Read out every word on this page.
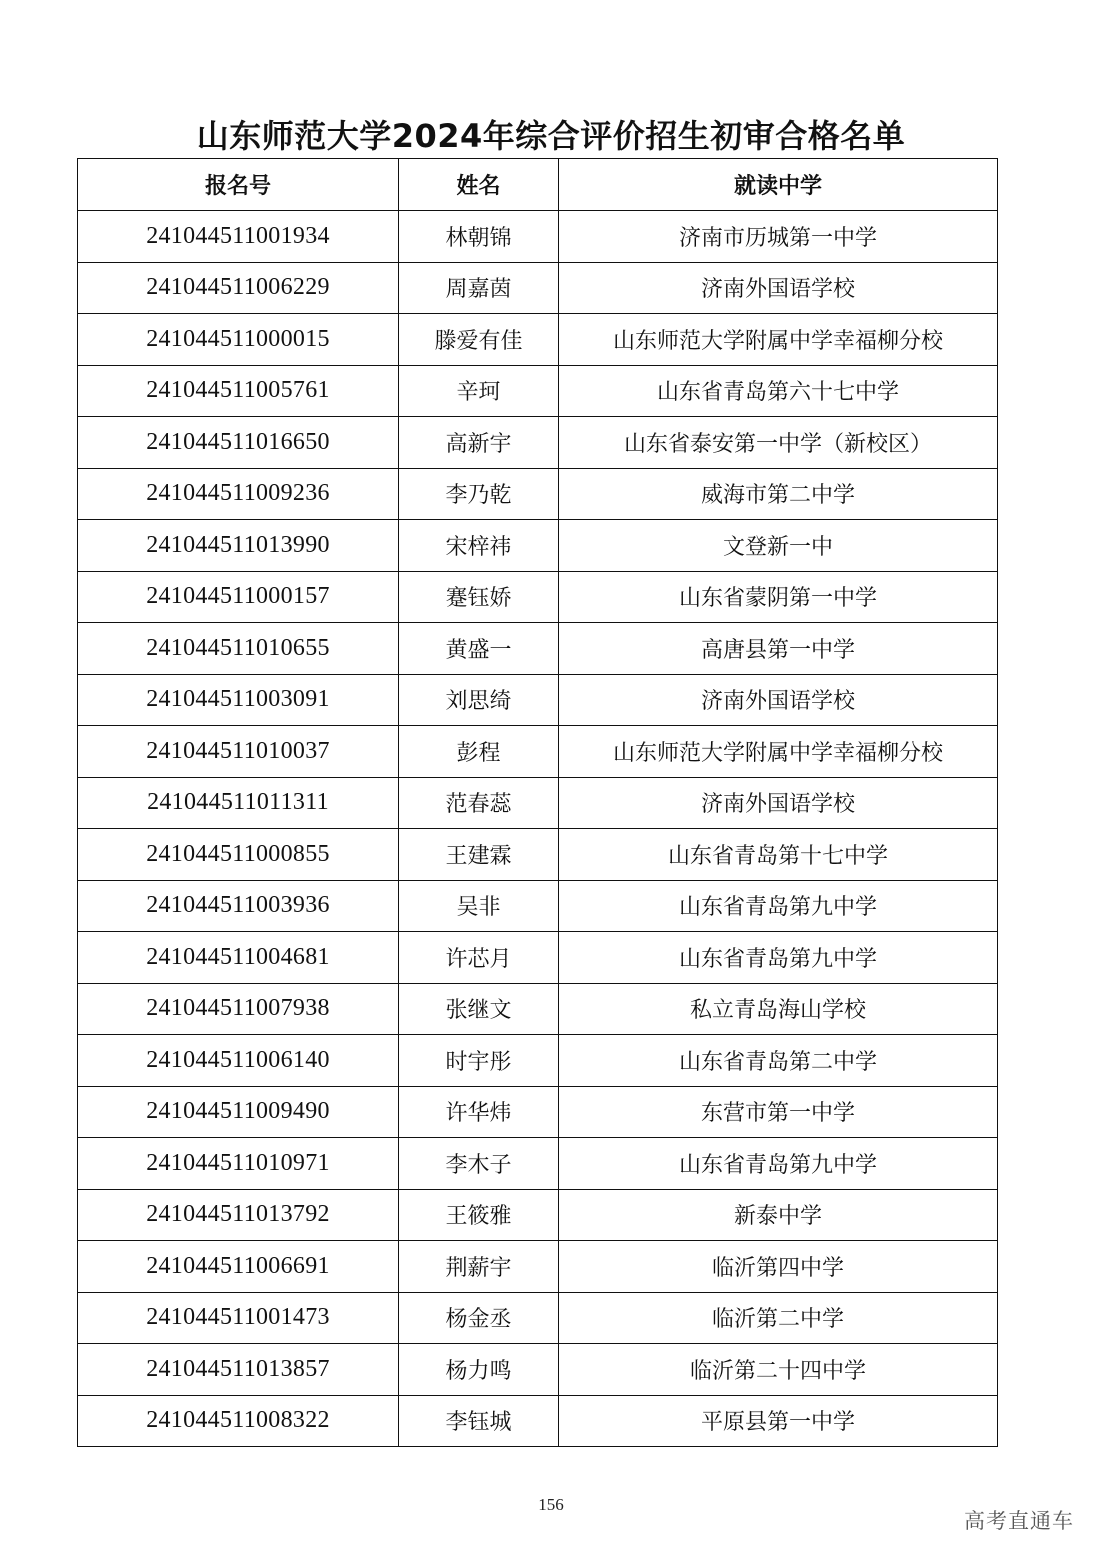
山东师范大学2024年综合评价招生初审合格名单
报名号	姓名	就读中学
241044511001934	林朝锦	济南市历城第一中学
241044511006229	周嘉茵	济南外国语学校
241044511000015	滕爱有佳	山东师范大学附属中学幸福柳分校
241044511005761	辛珂	山东省青岛第六十七中学
241044511016650	高新宇	山东省泰安第一中学（新校区）
241044511009236	李乃乾	威海市第二中学
241044511013990	宋梓祎	文登新一中
241044511000157	蹇钰娇	山东省蒙阴第一中学
241044511010655	黄盛一	高唐县第一中学
241044511003091	刘思绮	济南外国语学校
241044511010037	彭程	山东师范大学附属中学幸福柳分校
241044511011311	范春蕊	济南外国语学校
241044511000855	王建霖	山东省青岛第十七中学
241044511003936	吴非	山东省青岛第九中学
241044511004681	许芯月	山东省青岛第九中学
241044511007938	张继文	私立青岛海山学校
241044511006140	时宇彤	山东省青岛第二中学
241044511009490	许华炜	东营市第一中学
241044511010971	李木子	山东省青岛第九中学
241044511013792	王筱雅	新泰中学
241044511006691	荆薪宇	临沂第四中学
241044511001473	杨金丞	临沂第二中学
241044511013857	杨力鸣	临沂第二十四中学
241044511008322	李钰城	平原县第一中学
156
高考直通车
